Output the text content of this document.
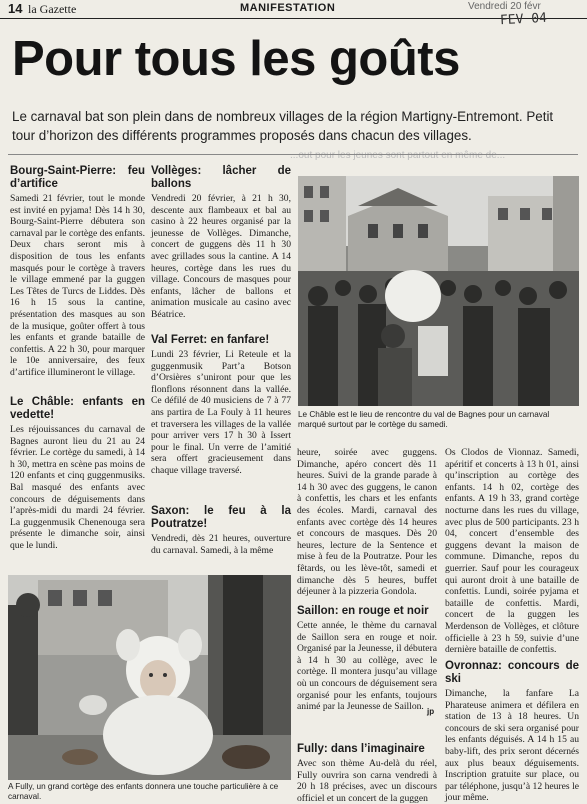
14 la Gazette	MANIFESTATION	Vendredi 20 févr
FEV 04
Pour tous les goûts

Le carnaval bat son plein dans de nombreux villages de la région Martigny-Entremont. Petit tour d’horizon des différents programmes proposés dans chacun des villages.

...out pour les jeunes sont partout en même de...
Bourg-Saint-Pierre: feu d’artifice

Samedi 21 février, tout le monde est invité en pyjama! Dès 14 h 30, Bourg-Saint-Pierre débutera son carnaval par le cortège des enfants. Deux chars seront mis à disposition de tous les enfants masqués pour le cortège à travers le village emmené par la guggen Les Têtes de Turcs de Liddes. Dès 16 h 15 sous la cantine, présentation des masques au son de la musique, goûter offert à tous les enfants et grande bataille de confettis. A 22 h 30, pour marquer le 10e anniversaire, des feux d’artifice illumineront le village.

Le Châble: enfants en vedette!

Les réjouissances du carnaval de Bagnes auront lieu du 21 au 24 février. Le cortège du samedi, à 14 h 30, mettra en scène pas moins de 120 enfants et cinq guggenmusiks. Bal masqué des enfants avec concours de déguisements dans l’après-midi du mardi 24 février. La guggenmusik Chenenouga sera présente le dimanche soir, ainsi que le lundi.

Vollèges: lâcher de ballons

Vendredi 20 février, à 21 h 30, descente aux flambeaux et bal au casino à 22 heures organisé par la jeunesse de Vollèges. Dimanche, concert de guggens dès 11 h 30 avec grillades sous la cantine. A 14 heures, cortège dans les rues du village. Concours de masques pour enfants, lâcher de ballons et animation musicale au casino avec Béatrice.

Val Ferret: en fanfare!

Lundi 23 février, Li Reteule et la guggenmusik Part’a Botson d’Orsières s’uniront pour que les flonflons résonnent dans la vallée. Ce défilé de 40 musiciens de 7 à 77 ans partira de La Fouly à 11 heures et traversera les villages de la vallée pour arriver vers 17 h 30 à Issert pour le final. Un verre de l’amitié sera offert gracieusement dans chaque village traversé.

Saxon: le feu à la Poutratze!

Vendredi, dès 21 heures, ouverture du carnaval. Samedi, à la même

heure, soirée avec guggens. Dimanche, apéro concert dès 11 heures. Suivi de la grande parade à 14 h 30 avec des guggens, le canon à confettis, les chars et les enfants des écoles. Mardi, carnaval des enfants avec cortège dès 14 heures et concours de masques. Dès 20 heures, lecture de la Sentence et mise à feu de la Poutratze. Pour les fêtards, ou les lève-tôt, samedi et dimanche dès 5 heures, buffet déjeuner à la pizzeria Gondola.

Saillon: en rouge et noir

Cette année, le thème du carnaval de Saillon sera en rouge et noir. Organisé par la Jeunesse, il débutera à 14 h 30 au collège, avec le cortège. Il montera jusqu’au village où un concours de déguisement sera organisé pour les enfants, toujours animé par la Jeunesse de Saillon. jp
Fully: dans l’imaginaire

Avec son thème Au-delà du réel, Fully ouvrira son carna vendredi à 20 h 18 précises, avec un discours officiel et un concert de la guggen

Os Clodos de Vionnaz. Samedi, apéritif et concerts à 13 h 01, ainsi qu’inscription au cortège des enfants. 14 h 02, cortège des enfants. A 19 h 33, grand cortège nocturne dans les rues du village, avec plus de 500 participants. 23 h 04, concert d’ensemble des guggens devant la maison de commune. Dimanche, repos du guerrier. Sauf pour les courageux qui auront droit à une bataille de confettis. Lundi, soirée pyjama et bataille de confettis. Mardi, concert de la guggen les Merdenson de Vollèges, et clôture officielle à 23 h 59, suivie d’une dernière bataille de confettis.

Ovronnaz: concours de ski

Dimanche, la fanfare La Pharateuse animera et défilera en station de 13 à 18 heures. Un concours de ski sera organisé pour les enfants déguisés. A 14 h 15 au baby-lift, des prix seront décernés aux plus beaux déguisements. Inscription gratuite sur place, ou par téléphone, jusqu’à 12 heures le jour même.

Le Châble est le lieu de rencontre du val de Bagnes pour un carnaval marqué surtout par le cortège du samedi.
A Fully, un grand cortège des enfants donnera une touche particulière à ce carnaval.
